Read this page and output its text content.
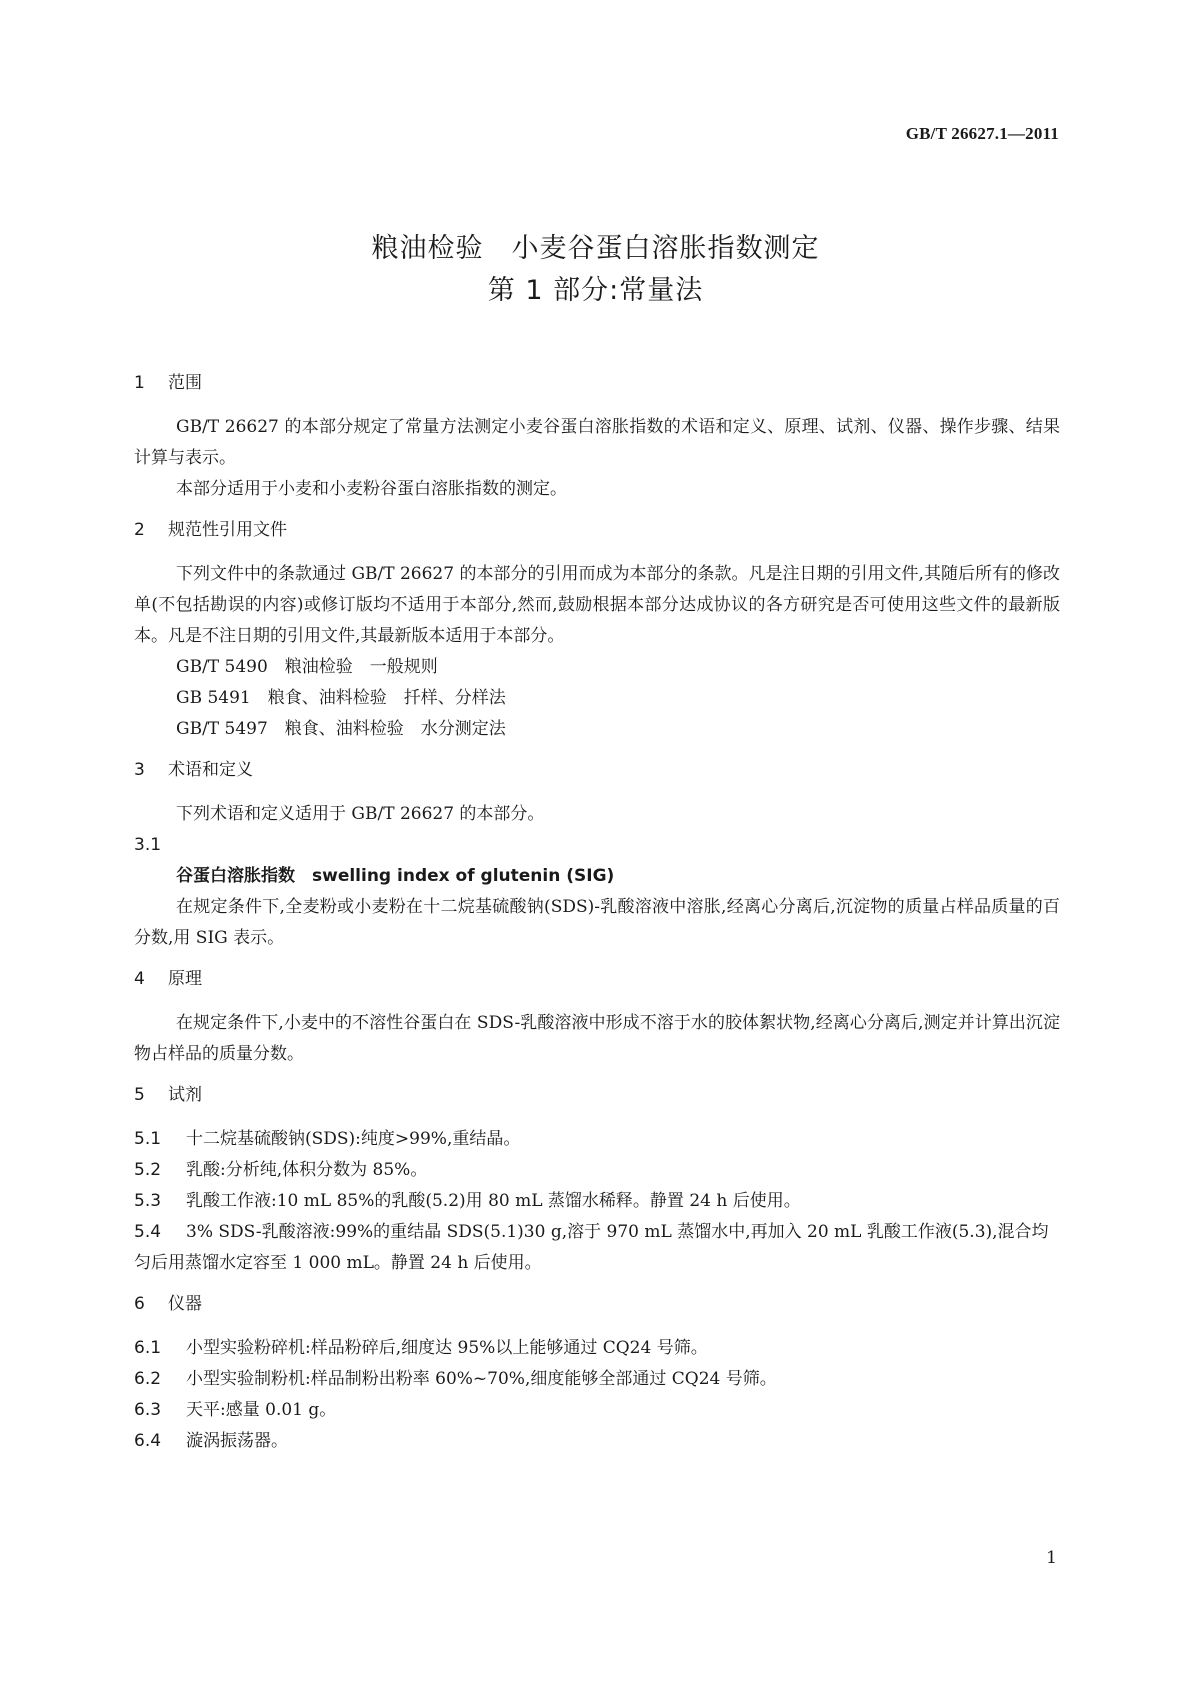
GB/T 26627.1—2011
粮油检验　小麦谷蛋白溶胀指数测定
第 1 部分:常量法
1 范围

GB/T 26627 的本部分规定了常量方法测定小麦谷蛋白溶胀指数的术语和定义、原理、试剂、仪器、操作步骤、结果计算与表示。

本部分适用于小麦和小麦粉谷蛋白溶胀指数的测定。

2 规范性引用文件

下列文件中的条款通过 GB/T 26627 的本部分的引用而成为本部分的条款。凡是注日期的引用文件,其随后所有的修改单(不包括勘误的内容)或修订版均不适用于本部分,然而,鼓励根据本部分达成协议的各方研究是否可使用这些文件的最新版本。凡是不注日期的引用文件,其最新版本适用于本部分。

GB/T 5490　粮油检验　一般规则

GB 5491　粮食、油料检验　扦样、分样法

GB/T 5497　粮食、油料检验　水分测定法

3 术语和定义

下列术语和定义适用于 GB/T 26627 的本部分。

3.1

谷蛋白溶胀指数　swelling index of glutenin (SIG)

在规定条件下,全麦粉或小麦粉在十二烷基硫酸钠(SDS)-乳酸溶液中溶胀,经离心分离后,沉淀物的质量占样品质量的百分数,用 SIG 表示。

4 原理

在规定条件下,小麦中的不溶性谷蛋白在 SDS-乳酸溶液中形成不溶于水的胶体絮状物,经离心分离后,测定并计算出沉淀物占样品的质量分数。

5 试剂

5.1 十二烷基硫酸钠(SDS):纯度>99%,重结晶。

5.2 乳酸:分析纯,体积分数为 85%。

5.3 乳酸工作液:10 mL 85%的乳酸(5.2)用 80 mL 蒸馏水稀释。静置 24 h 后使用。

5.4 3% SDS-乳酸溶液:99%的重结晶 SDS(5.1)30 g,溶于 970 mL 蒸馏水中,再加入 20 mL 乳酸工作液(5.3),混合均匀后用蒸馏水定容至 1 000 mL。静置 24 h 后使用。

6 仪器

6.1 小型实验粉碎机:样品粉碎后,细度达 95%以上能够通过 CQ24 号筛。

6.2 小型实验制粉机:样品制粉出粉率 60%~70%,细度能够全部通过 CQ24 号筛。

6.3 天平:感量 0.01 g。

6.4 漩涡振荡器。

1
